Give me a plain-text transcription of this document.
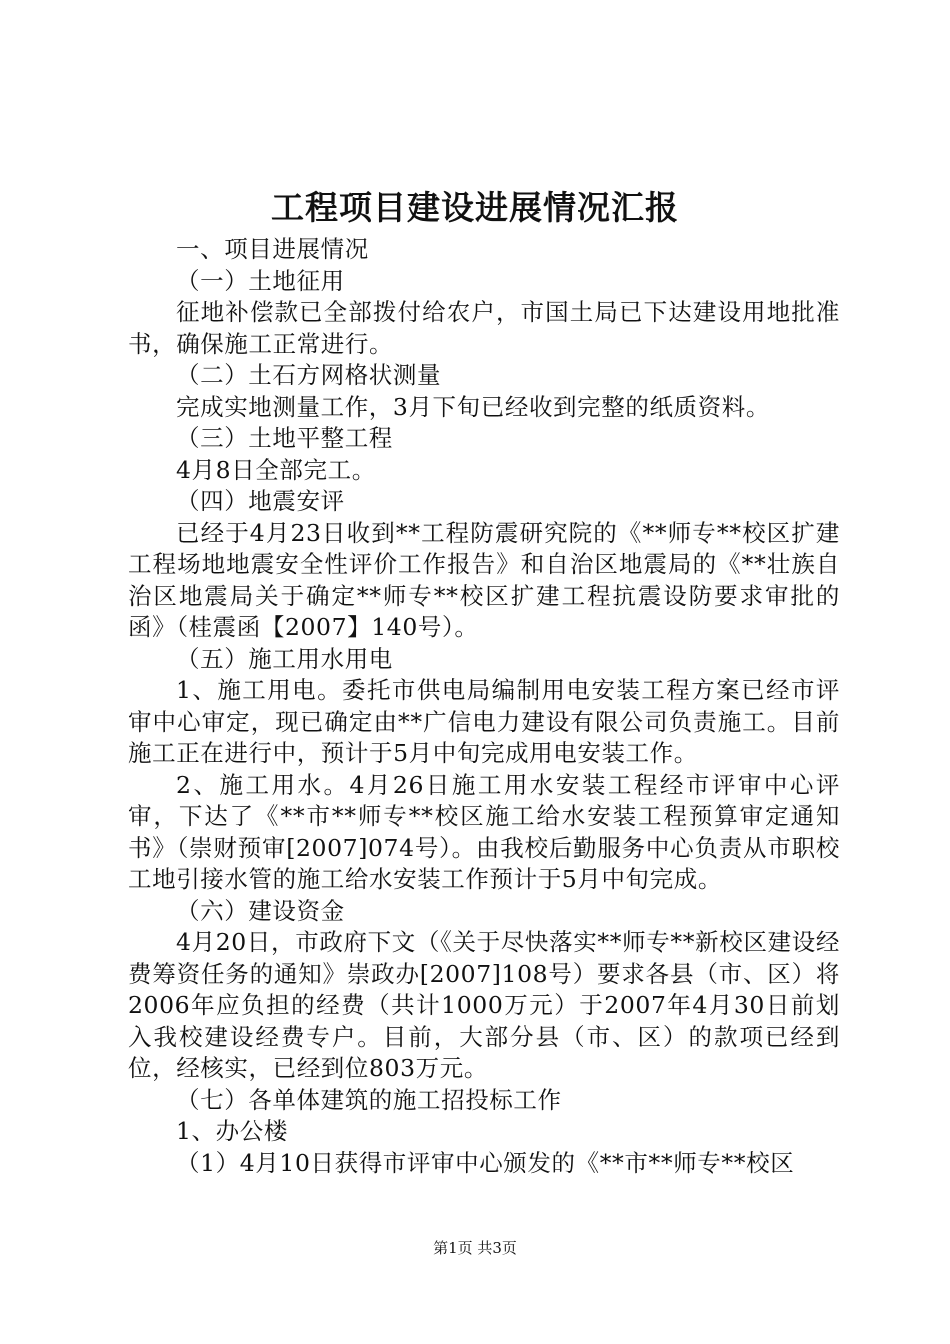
工程项目建设进展情况汇报

一、项目进展情况

（一）土地征用

征地补偿款已全部拨付给农户，市国土局已下达建设用地批准书，确保施工正常进行。

（二）土石方网格状测量

完成实地测量工作，3月下旬已经收到完整的纸质资料。

（三）土地平整工程

4月8日全部完工。

（四）地震安评

已经于4月23日收到**工程防震研究院的《**师专**校区扩建工程场地地震安全性评价工作报告》和自治区地震局的《**壮族自治区地震局关于确定**师专**校区扩建工程抗震设防要求审批的函》（桂震函【2007】140号）。

（五）施工用水用电

1、施工用电。委托市供电局编制用电安装工程方案已经市评审中心审定，现已确定由**广信电力建设有限公司负责施工。目前施工正在进行中，预计于5月中旬完成用电安装工作。

2、施工用水。4月26日施工用水安装工程经市评审中心评审，下达了《**市**师专**校区施工给水安装工程预算审定通知书》（崇财预审[2007]074号）。由我校后勤服务中心负责从市职校工地引接水管的施工给水安装工作预计于5月中旬完成。

（六）建设资金

4月20日，市政府下文（《关于尽快落实**师专**新校区建设经费筹资任务的通知》崇政办[2007]108号）要求各县（市、区）将2006年应负担的经费（共计1000万元）于2007年4月30日前划入我校建设经费专户。目前，大部分县（市、区）的款项已经到位，经核实，已经到位803万元。

（七）各单体建筑的施工招投标工作

1、办公楼

（1）4月10日获得市评审中心颁发的《**市**师专**校区

第1页 共3页
